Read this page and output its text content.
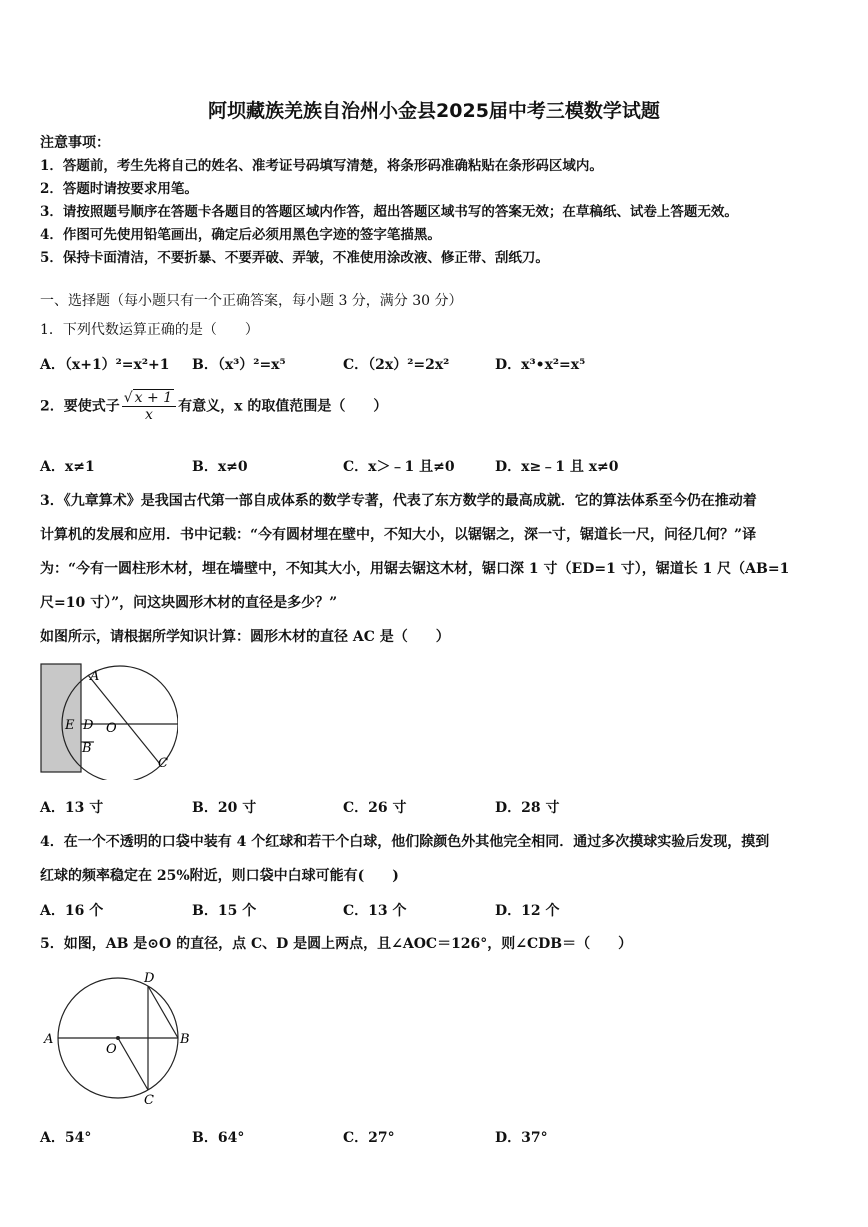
阿坝藏族羌族自治州小金县2025届中考三模数学试题
注意事项：
1．答题前，考生先将自己的姓名、准考证号码填写清楚，将条形码准确粘贴在条形码区域内。
2．答题时请按要求用笔。
3．请按照题号顺序在答题卡各题目的答题区域内作答，超出答题区域书写的答案无效；在草稿纸、试卷上答题无效。
4．作图可先使用铅笔画出，确定后必须用黑色字迹的签字笔描黑。
5．保持卡面清洁，不要折暴、不要弄破、弄皱，不准使用涂改液、修正带、刮纸刀。
一、选择题（每小题只有一个正确答案，每小题 3 分，满分 30 分）
1．下列代数运算正确的是（　　）
A．（x+1）²=x²+1 B．（x³）²=x⁵	C．（2x）²=2x²	D．x³•x²=x⁵
2．要使式子 $\frac{√ x + 1}{x}$ 有意义，x 的取值范围是（　　）
A．x≠1	B．x≠0	C．x＞﹣1 且≠0	D．x≥﹣1 且 x≠0
3．《九章算术》是我国古代第一部自成体系的数学专著，代表了东方数学的最高成就．它的算法体系至今仍在推动着
计算机的发展和应用．书中记载：“今有圆材埋在壁中，不知大小，以锯锯之，深一寸，锯道长一尺，问径几何？”译
为：“今有一圆柱形木材，埋在墙壁中，不知其大小，用锯去锯这木材，锯口深 1 寸（ED=1 寸），锯道长 1 尺（AB=1
尺=10 寸）”，问这块圆形木材的直径是多少？”
如图所示，请根据所学知识计算：圆形木材的直径 AC 是（　　）
A
E D O
B
C
A．13 寸	B．20 寸	C．26 寸	D．28 寸
4．在一个不透明的口袋中装有 4 个红球和若干个白球，他们除颜色外其他完全相同．通过多次摸球实验后发现，摸到
红球的频率稳定在 25%附近，则口袋中白球可能有(　　)
A．16 个	B．15 个	C．13 个	D．12 个
5．如图，AB 是⊙O 的直径，点 C、D 是圆上两点，且∠AOC＝126°，则∠CDB＝（　　）
D
A
O
B
C
A．54°	B．64°	C．27°	D．37°
